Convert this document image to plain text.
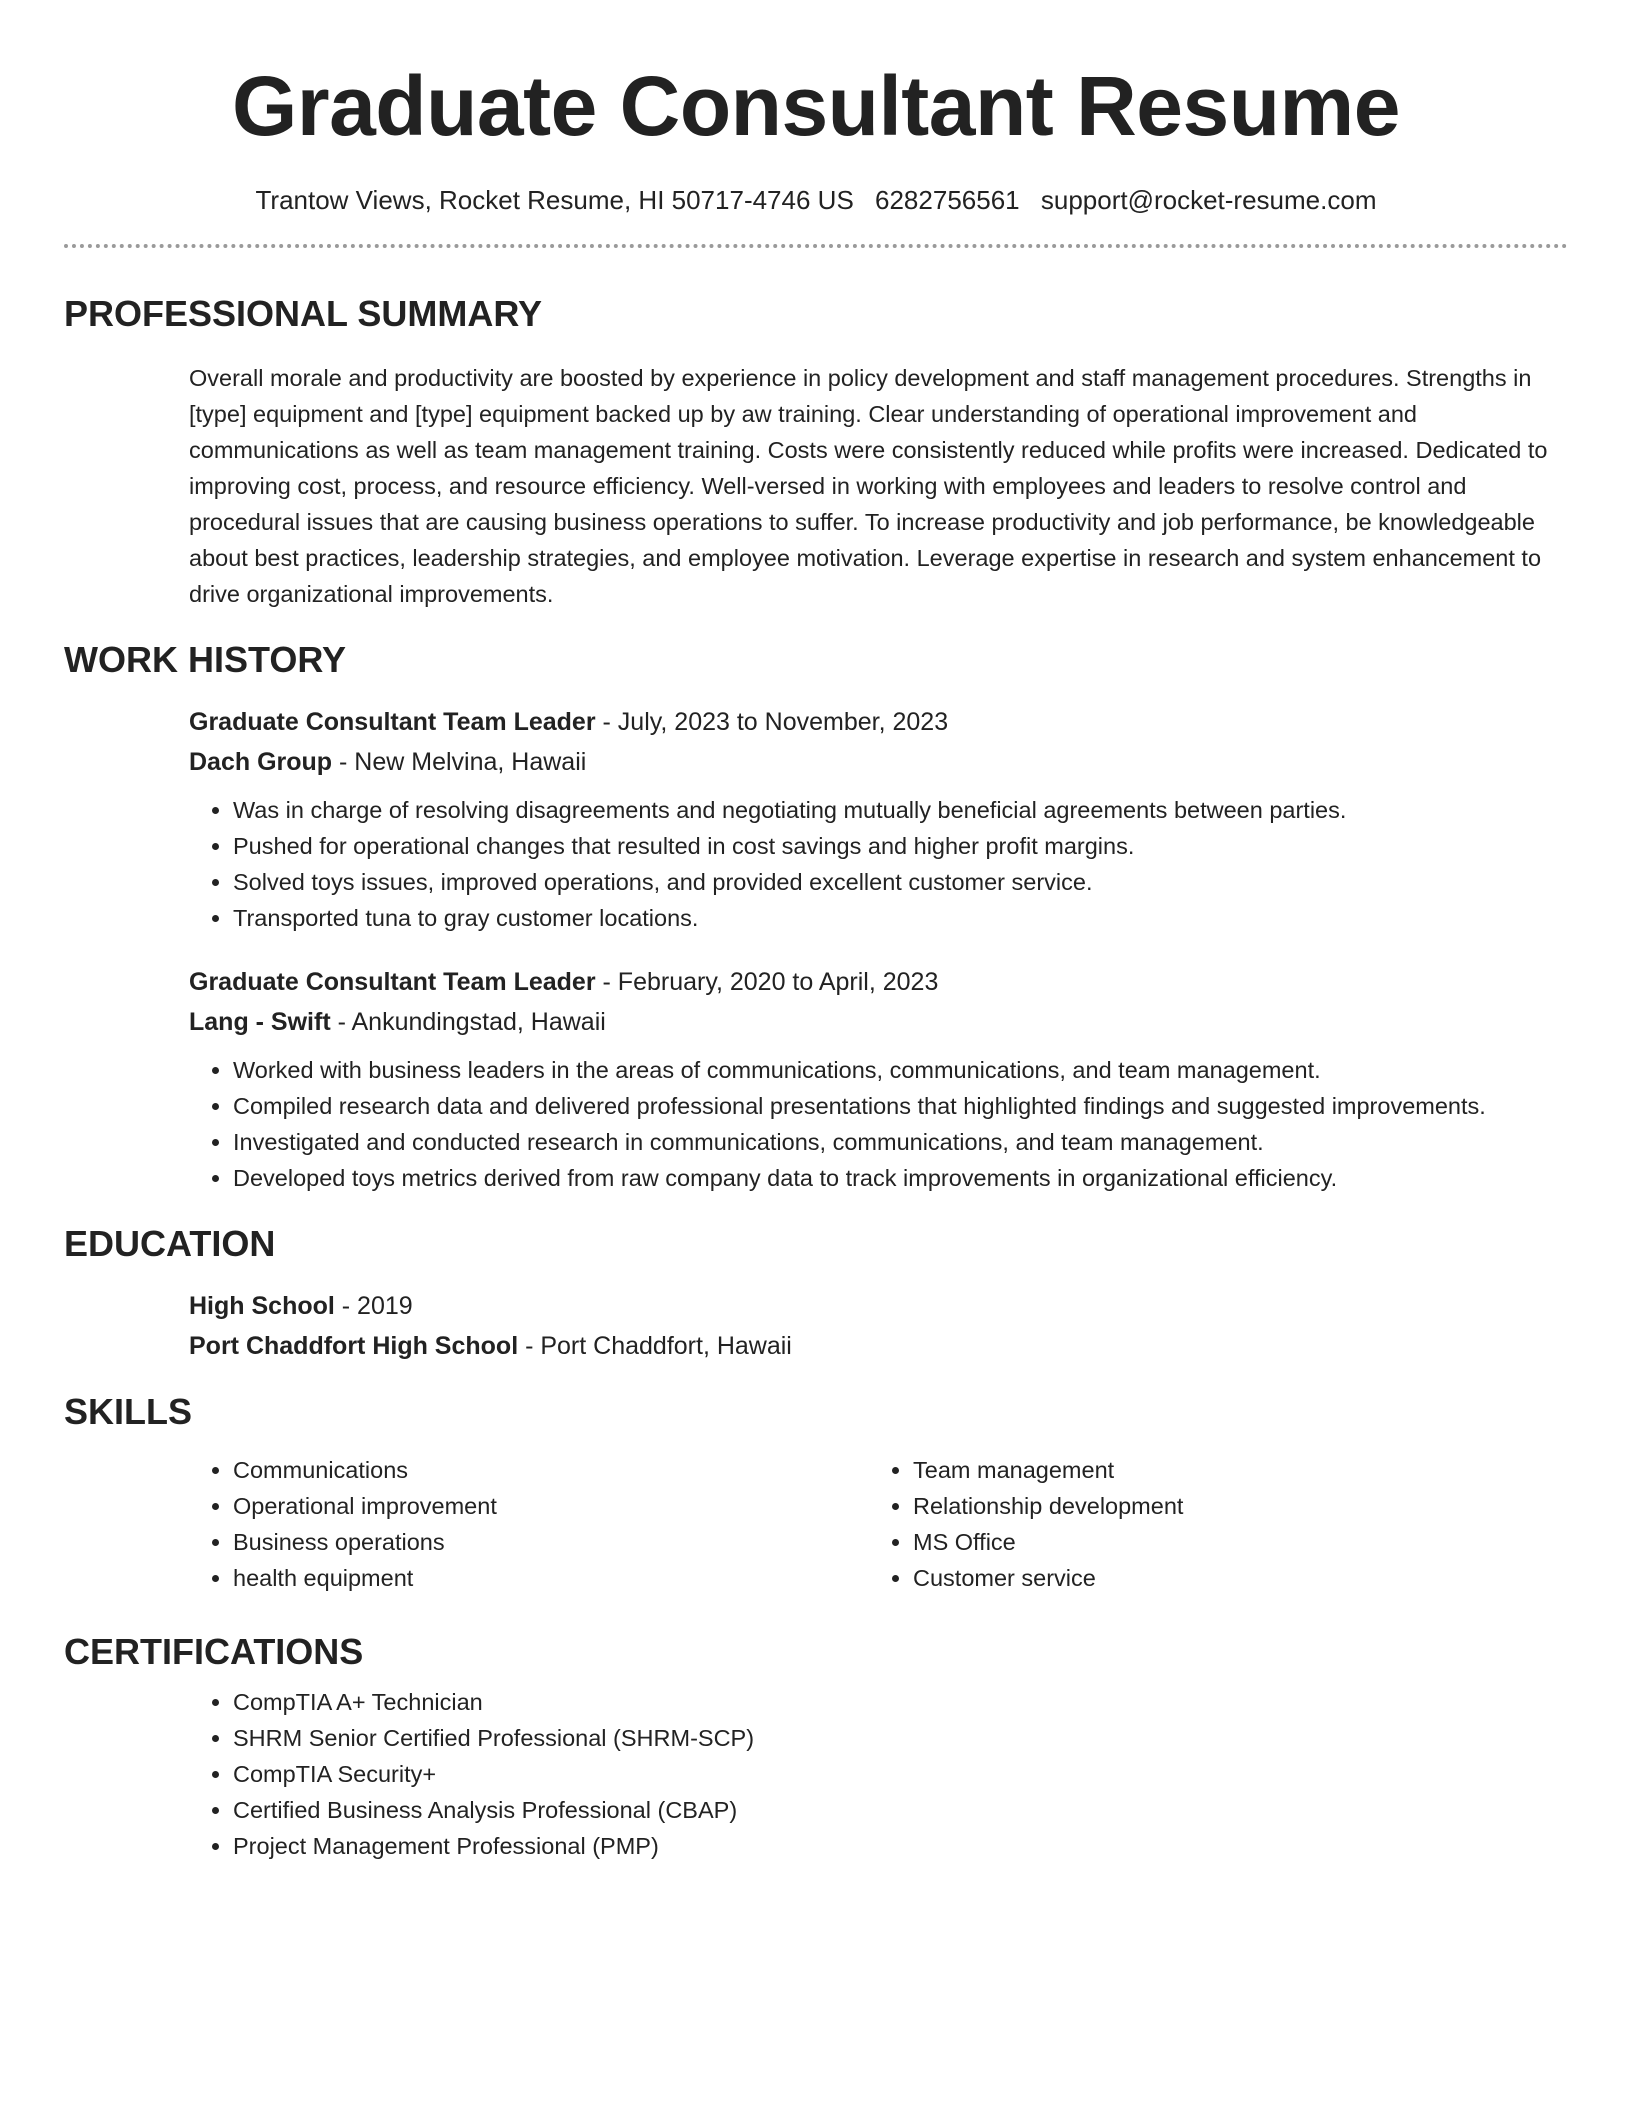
Graduate Consultant Resume
Trantow Views, Rocket Resume, HI 50717-4746 US 6282756561 support@rocket-resume.com
PROFESSIONAL SUMMARY

Overall morale and productivity are boosted by experience in policy development and staff management procedures. Strengths in [type] equipment and [type] equipment backed up by aw training. Clear understanding of operational improvement and communications as well as team management training. Costs were consistently reduced while profits were increased. Dedicated to improving cost, process, and resource efficiency. Well-versed in working with employees and leaders to resolve control and procedural issues that are causing business operations to suffer. To increase productivity and job performance, be knowledgeable about best practices, leadership strategies, and employee motivation. Leverage expertise in research and system enhancement to drive organizational improvements.

WORK HISTORY
Graduate Consultant Team Leader - July, 2023 to November, 2023
Dach Group - New Melvina, Hawaii
• Was in charge of resolving disagreements and negotiating mutually beneficial agreements between parties.
• Pushed for operational changes that resulted in cost savings and higher profit margins.
• Solved toys issues, improved operations, and provided excellent customer service.
• Transported tuna to gray customer locations.
Graduate Consultant Team Leader - February, 2020 to April, 2023
Lang - Swift - Ankundingstad, Hawaii
• Worked with business leaders in the areas of communications, communications, and team management.
• Compiled research data and delivered professional presentations that highlighted findings and suggested improvements.
• Investigated and conducted research in communications, communications, and team management.
• Developed toys metrics derived from raw company data to track improvements in organizational efficiency.
EDUCATION
High School - 2019
Port Chaddfort High School - Port Chaddfort, Hawaii
SKILLS
• Communications
• Operational improvement
• Business operations
• health equipment
• Team management
• Relationship development
• MS Office
• Customer service
CERTIFICATIONS
• CompTIA A+ Technician
• SHRM Senior Certified Professional (SHRM-SCP)
• CompTIA Security+
• Certified Business Analysis Professional (CBAP)
• Project Management Professional (PMP)
